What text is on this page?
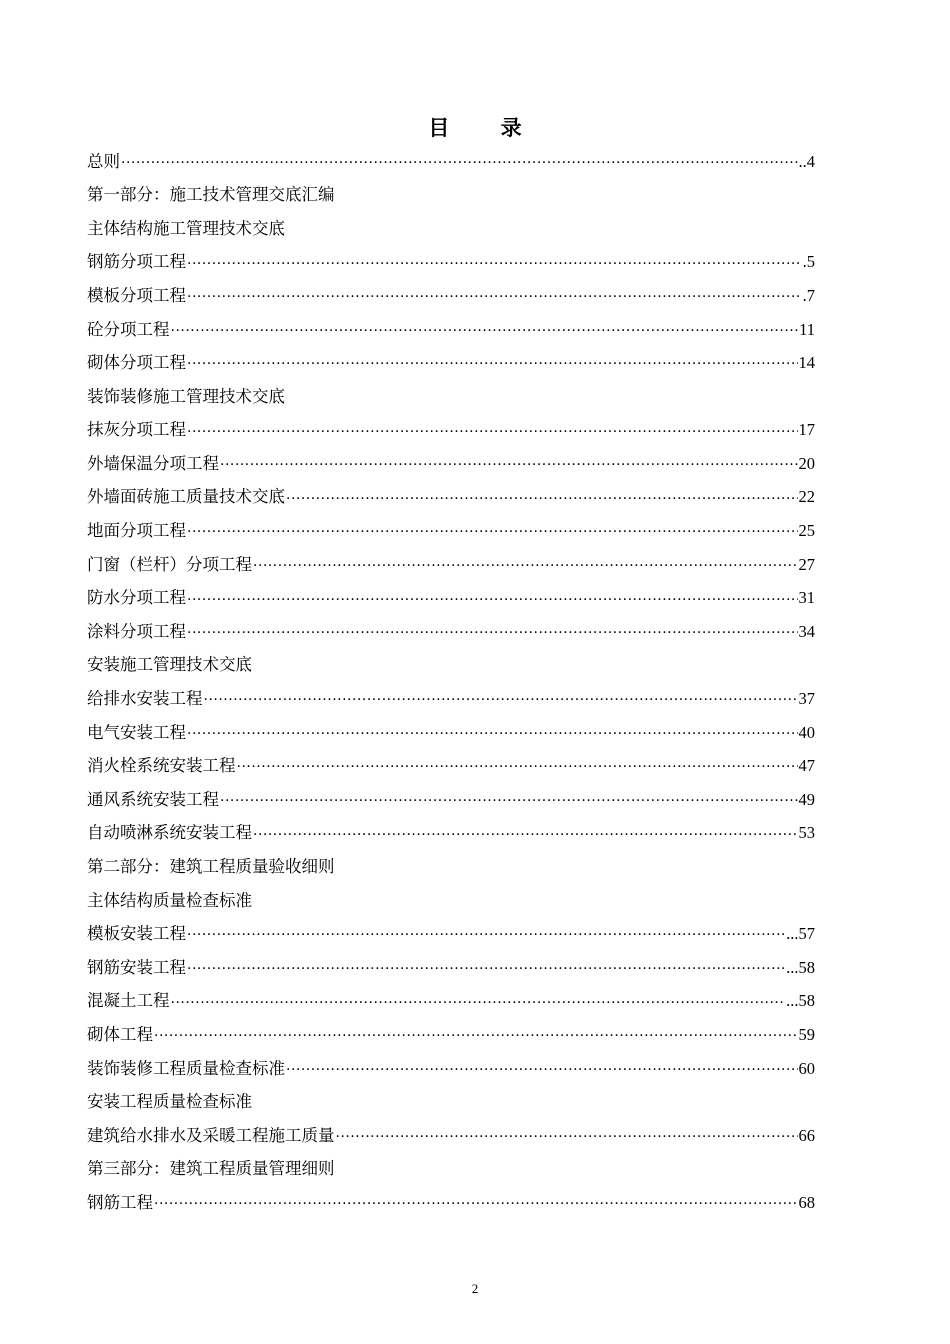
目 录
总则 ·····	..4
第一部分：施工技术管理交底汇编
主体结构施工管理技术交底
钢筋分项工程 ·····	.5
模板分项工程 ·····	.7
砼分项工程 ·····	11
砌体分项工程 ·····	14
装饰装修施工管理技术交底
抹灰分项工程 ·····	17
外墙保温分项工程 ·····	20
外墙面砖施工质量技术交底 ·····	22
地面分项工程 ·····	25
门窗（栏杆）分项工程 ·····	27
防水分项工程 ·····	31
涂料分项工程 ·····	34
安装施工管理技术交底
给排水安装工程 ·····	37
电气安装工程 ·····	40
消火栓系统安装工程 ·····	47
通风系统安装工程 ·····	49
自动喷淋系统安装工程 ·····	53
第二部分：建筑工程质量验收细则
主体结构质量检查标准
模板安装工程 ·····	...57
钢筋安装工程 ·····	...58
混凝土工程 ·····	...58
砌体工程 ·····	59
装饰装修工程质量检查标准 ·····	60
安装工程质量检查标准
建筑给水排水及采暖工程施工质量 ·····	66
第三部分：建筑工程质量管理细则
钢筋工程 ·····	68
2
